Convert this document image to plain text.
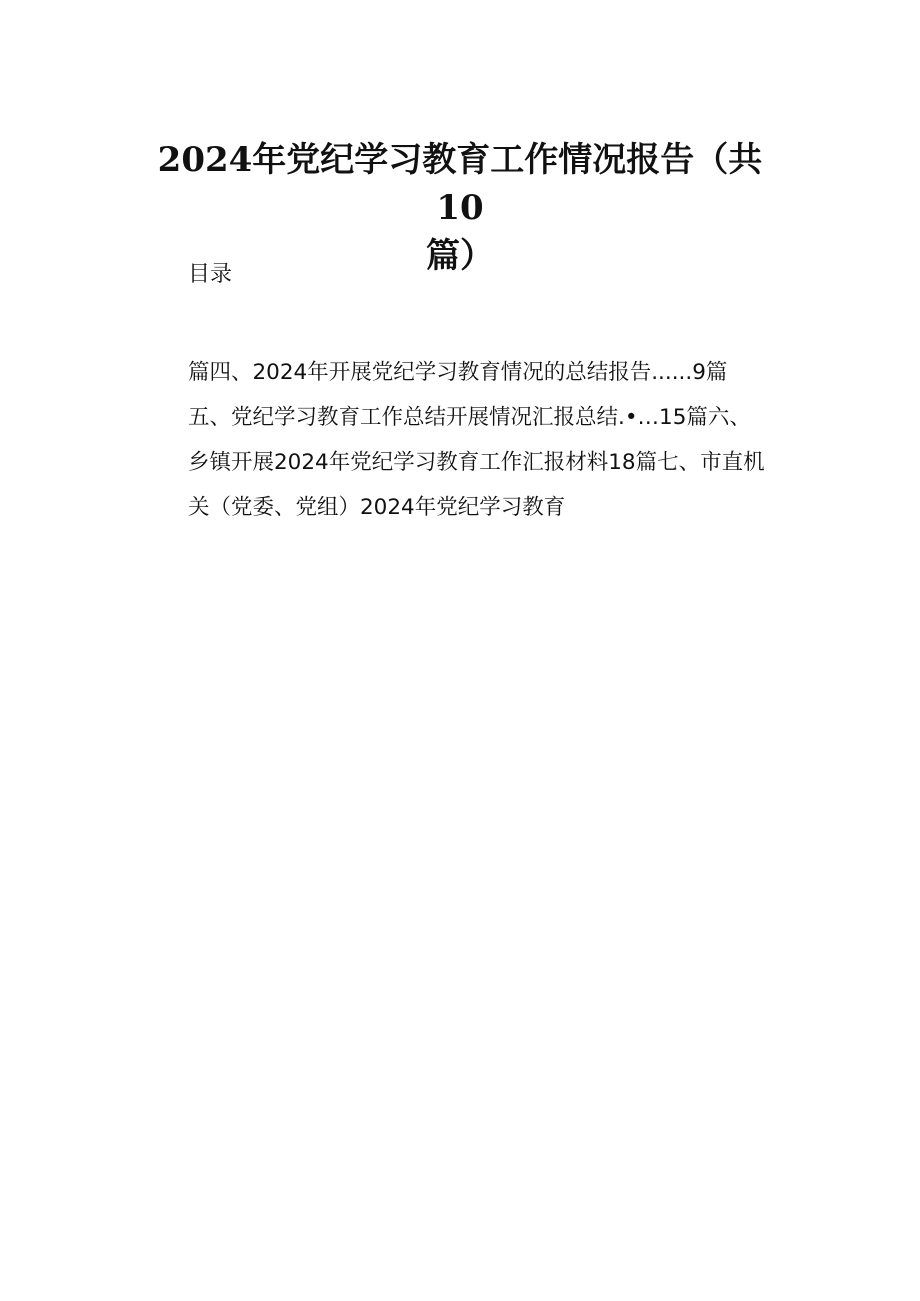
2024年党纪学习教育工作情况报告（共10
篇）
目录
篇四、2024年开展党纪学习教育情况的总结报告......9篇
五、党纪学习教育工作总结开展情况汇报总结.•…15篇六、
乡镇开展2024年党纪学习教育工作汇报材料18篇七、市直机
关（党委、党组）2024年党纪学习教育
